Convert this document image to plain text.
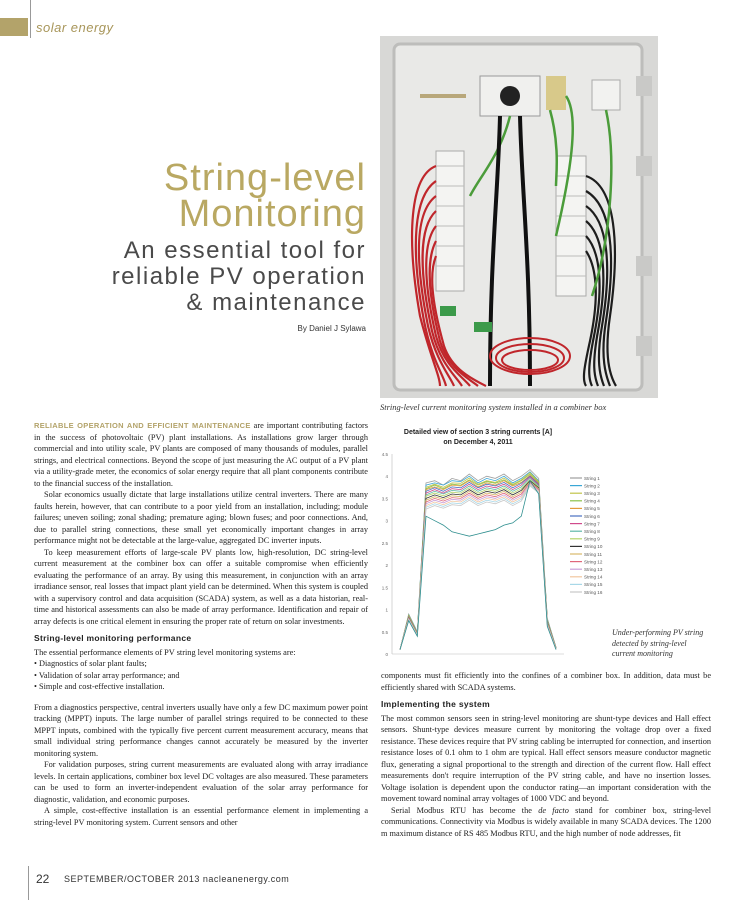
solar energy
String-level
Monitoring
An essential tool for
reliable PV operation
& maintenance
By Daniel J Sylawa
String-level current monitoring system installed in a combiner box
Detailed view of section 3 string currents [A]
on December 4, 2011
0
0.5
1
1.5
2
2.5
3
3.5
4
4.5
String 1
String 2
String 3
String 4
String 5
String 6
String 7
String 8
String 9
String 10
String 11
String 12
String 13
String 14
String 15
String 16
Under-performing PV string detected by string-level current monitoring

RELIABLE OPERATION AND EFFICIENT MAINTENANCE are important contributing factors in the success of photovoltaic (PV) plant installations. As installations grow larger through commercial and into utility scale, PV plants are composed of many thousands of modules, parallel strings, and electrical connections. Beyond the scope of just measuring the AC output of a PV plant via a utility-grade meter, the economics of solar energy require that all plant components contribute to the financial success of the installation.

Solar economics usually dictate that large installations utilize central inverters. There are many faults herein, however, that can contribute to a poor yield from an installation, including; module failures; uneven soiling; zonal shading; premature aging; blown fuses; and poor connections. And, due to parallel string connections, these small yet economically important changes in array performance might not be detectable at the large-value, aggregated DC inverter inputs.

To keep measurement efforts of large-scale PV plants low, high-resolution, DC string-level current measurement at the combiner box can offer a suitable compromise when efficiently evaluating the performance of an array. By using this measurement, in conjunction with an array irradiance sensor, real losses that impact plant yield can be determined. When this system is coupled with a supervisory control and data acquisition (SCADA) system, as well as a data historian, real-time and historical assessments can also be made of array performance. Identification and repair of array defects is one critical element in ensuring the proper rate of return on solar investments.

String-level monitoring performance

The essential performance elements of PV string level monitoring systems are:

• Diagnostics of solar plant faults;
• Validation of solar array performance; and
• Simple and cost-effective installation.

From a diagnostics perspective, central inverters usually have only a few DC maximum power point tracking (MPPT) inputs. The large number of parallel strings required to be connected to these MPPT inputs, combined with the typically five percent current measurement accuracy, means that small individual string performance changes cannot accurately be measured by the inverter monitoring system.

For validation purposes, string current measurements are evaluated along with array irradiance levels. In certain applications, combiner box level DC voltages are also measured. These parameters can be used to form an inverter-independent evaluation of the solar array performance for diagnostic, validation, and economic purposes.

A simple, cost-effective installation is an essential performance element in implementing a string-level PV monitoring system. Current sensors and other

components must fit efficiently into the confines of a combiner box. In addition, data must be efficiently shared with SCADA systems.

Implementing the system

The most common sensors seen in string-level monitoring are shunt-type devices and Hall effect sensors. Shunt-type devices measure current by monitoring the voltage drop over a fixed resistance. These devices require that PV string cabling be interrupted for connection, and insertion resistance loses of 0.1 ohm to 1 ohm are typical. Hall effect sensors measure conductor magnetic flux, generating a signal proportional to the strength and direction of the current flow. Hall effect measurements don't require interruption of the PV string cable, and have no insertion losses. Voltage isolation is dependent upon the conductor rating—an important consideration with the movement toward nominal array voltages of 1000 VDC and beyond.

Serial Modbus RTU has become the de facto stand for combiner box, string-level communications. Connectivity via Modbus is widely available in many SCADA devices. The 1200 m maximum distance of RS 485 Modbus RTU, and the high number of node addresses, fit

22 SEPTEMBER/OCTOBER 2013 nacleanenergy.com
